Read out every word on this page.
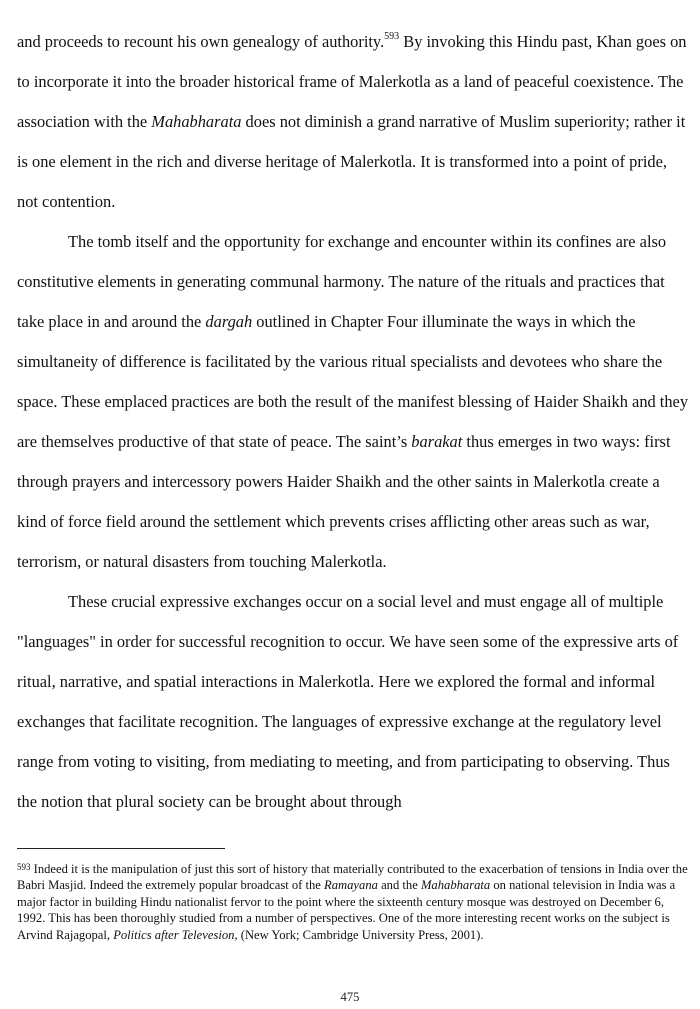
and proceeds to recount his own genealogy of authority.$^{593}$ By invoking this Hindu past, Khan goes on to incorporate it into the broader historical frame of Malerkotla as a land of peaceful coexistence. The association with the Mahabharata does not diminish a grand narrative of Muslim superiority; rather it is one element in the rich and diverse heritage of Malerkotla. It is transformed into a point of pride, not contention.

The tomb itself and the opportunity for exchange and encounter within its confines are also constitutive elements in generating communal harmony. The nature of the rituals and practices that take place in and around the dargah outlined in Chapter Four illuminate the ways in which the simultaneity of difference is facilitated by the various ritual specialists and devotees who share the space. These emplaced practices are both the result of the manifest blessing of Haider Shaikh and they are themselves productive of that state of peace. The saint’s barakat thus emerges in two ways: first through prayers and intercessory powers Haider Shaikh and the other saints in Malerkotla create a kind of force field around the settlement which prevents crises afflicting other areas such as war, terrorism, or natural disasters from touching Malerkotla.

These crucial expressive exchanges occur on a social level and must engage all of multiple "languages" in order for successful recognition to occur. We have seen some of the expressive arts of ritual, narrative, and spatial interactions in Malerkotla. Here we explored the formal and informal exchanges that facilitate recognition. The languages of expressive exchange at the regulatory level range from voting to visiting, from mediating to meeting, and from participating to observing. Thus the notion that plural society can be brought about through

$^{593}$ Indeed it is the manipulation of just this sort of history that materially contributed to the exacerbation of tensions in India over the Babri Masjid. Indeed the extremely popular broadcast of the Ramayana and the Mahabharata on national television in India was a major factor in building Hindu nationalist fervor to the point where the sixteenth century mosque was destroyed on December 6, 1992. This has been thoroughly studied from a number of perspectives. One of the more interesting recent works on the subject is Arvind Rajagopal, Politics after Televesion, (New York; Cambridge University Press, 2001).

475
